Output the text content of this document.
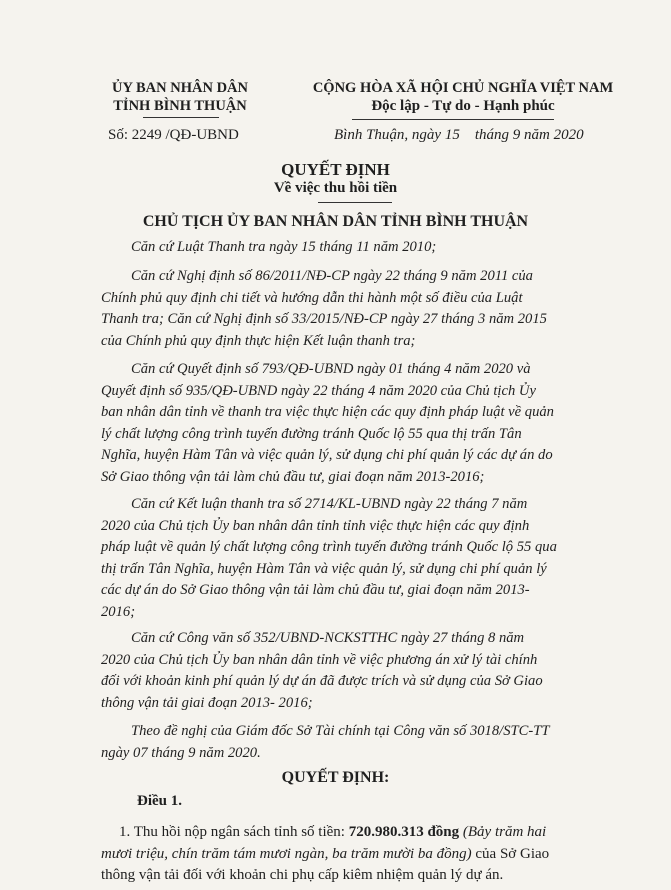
ỦY BAN NHÂN DÂN
TỈNH BÌNH THUẬN
CỘNG HÒA XÃ HỘI CHỦ NGHĨA VIỆT NAM
Độc lập - Tự do - Hạnh phúc
Số: 2249 /QĐ-UBND	Bình Thuận, ngày 15    tháng 9 năm 2020
QUYẾT ĐỊNH
Về việc thu hồi tiền
CHỦ TỊCH ỦY BAN NHÂN DÂN TỈNH BÌNH THUẬN

Căn cứ Luật Thanh tra ngày 15 tháng 11 năm 2010;

Căn cứ Nghị định số 86/2011/NĐ-CP ngày 22 tháng 9 năm 2011 của
Chính phủ quy định chi tiết và hướng dẫn thi hành một số điều của Luật
Thanh tra; Căn cứ Nghị định số 33/2015/NĐ-CP ngày 27 tháng 3 năm 2015
của Chính phủ quy định thực hiện Kết luận thanh tra;

Căn cứ Quyết định số 793/QĐ-UBND ngày 01 tháng 4 năm 2020 và
Quyết định số 935/QĐ-UBND ngày 22 tháng 4 năm 2020 của Chủ tịch Ủy
ban nhân dân tỉnh về thanh tra việc thực hiện các quy định pháp luật về quản
lý chất lượng công trình tuyến đường tránh Quốc lộ 55 qua thị trấn Tân
Nghĩa, huyện Hàm Tân và việc quản lý, sử dụng chi phí quản lý các dự án do
Sở Giao thông vận tải làm chủ đầu tư, giai đoạn năm 2013-2016;

Căn cứ Kết luận thanh tra số 2714/KL-UBND ngày 22 tháng 7 năm
2020 của Chủ tịch Ủy ban nhân dân tỉnh tỉnh việc thực hiện các quy định
pháp luật về quản lý chất lượng công trình tuyến đường tránh Quốc lộ 55 qua
thị trấn Tân Nghĩa, huyện Hàm Tân và việc quản lý, sử dụng chi phí quản lý
các dự án do Sở Giao thông vận tải làm chủ đầu tư, giai đoạn năm 2013-
2016;

Căn cứ Công văn số 352/UBND-NCKSTTHC ngày 27 tháng 8 năm
2020 của Chủ tịch Ủy ban nhân dân tỉnh về việc phương án xử lý tài chính
đối với khoản kinh phí quản lý dự án đã được trích và sử dụng của Sở Giao
thông vận tải giai đoạn 2013- 2016;

Theo đề nghị của Giám đốc Sở Tài chính tại Công văn số 3018/STC-TT
ngày 07 tháng 9 năm 2020.

QUYẾT ĐỊNH:
Điều 1.
1. Thu hồi nộp ngân sách tỉnh số tiền: 720.980.313 đồng (Bảy trăm hai
mươi triệu, chín trăm tám mươi ngàn, ba trăm mười ba đồng) của Sở Giao
thông vận tải đối với khoản chi phụ cấp kiêm nhiệm quản lý dự án.
